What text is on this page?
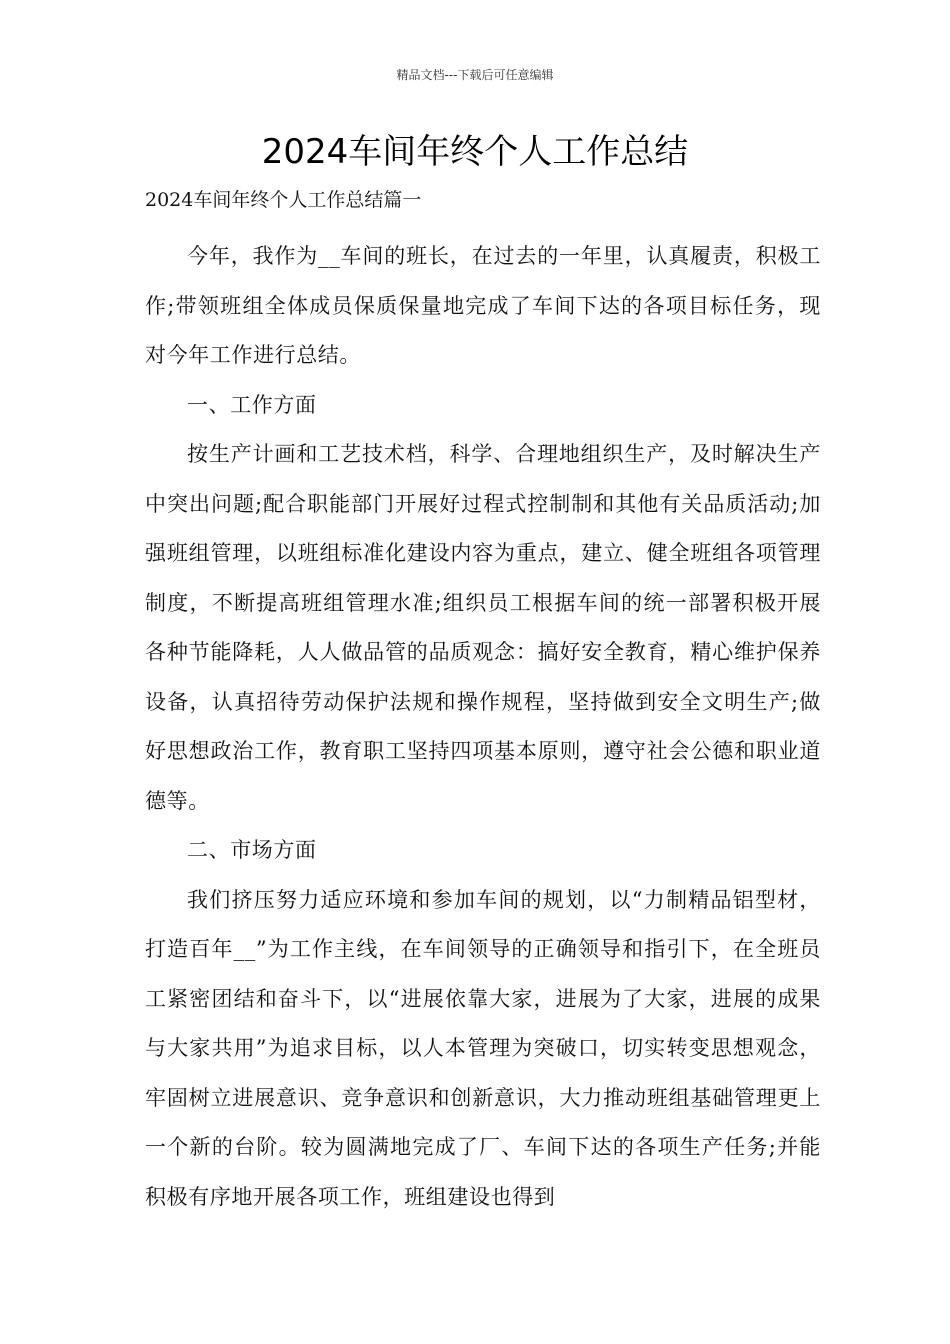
精品文档---下载后可任意编辑
2024车间年终个人工作总结

2024车间年终个人工作总结篇一

今年，我作为__车间的班长，在过去的一年里，认真履责，积极工作;带领班组全体成员保质保量地完成了车间下达的各项目标任务，现对今年工作进行总结。

一、工作方面

按生产计画和工艺技术档，科学、合理地组织生产，及时解决生产中突出问题;配合职能部门开展好过程式控制制和其他有关品质活动;加强班组管理，以班组标准化建设内容为重点，建立、健全班组各项管理制度，不断提高班组管理水准;组织员工根据车间的统一部署积极开展各种节能降耗，人人做品管的品质观念：搞好安全教育，精心维护保养设备，认真招待劳动保护法规和操作规程，坚持做到安全文明生产;做好思想政治工作，教育职工坚持四项基本原则，遵守社会公德和职业道德等。

二、市场方面

我们挤压努力适应环境和参加车间的规划，以“力制精品铝型材，打造百年__”为工作主线，在车间领导的正确领导和指引下，在全班员工紧密团结和奋斗下，以“进展依靠大家，进展为了大家，进展的成果与大家共用”为追求目标，以人本管理为突破口，切实转变思想观念，牢固树立进展意识、竞争意识和创新意识，大力推动班组基础管理更上一个新的台阶。较为圆满地完成了厂、车间下达的各项生产任务;并能积极有序地开展各项工作，班组建设也得到
